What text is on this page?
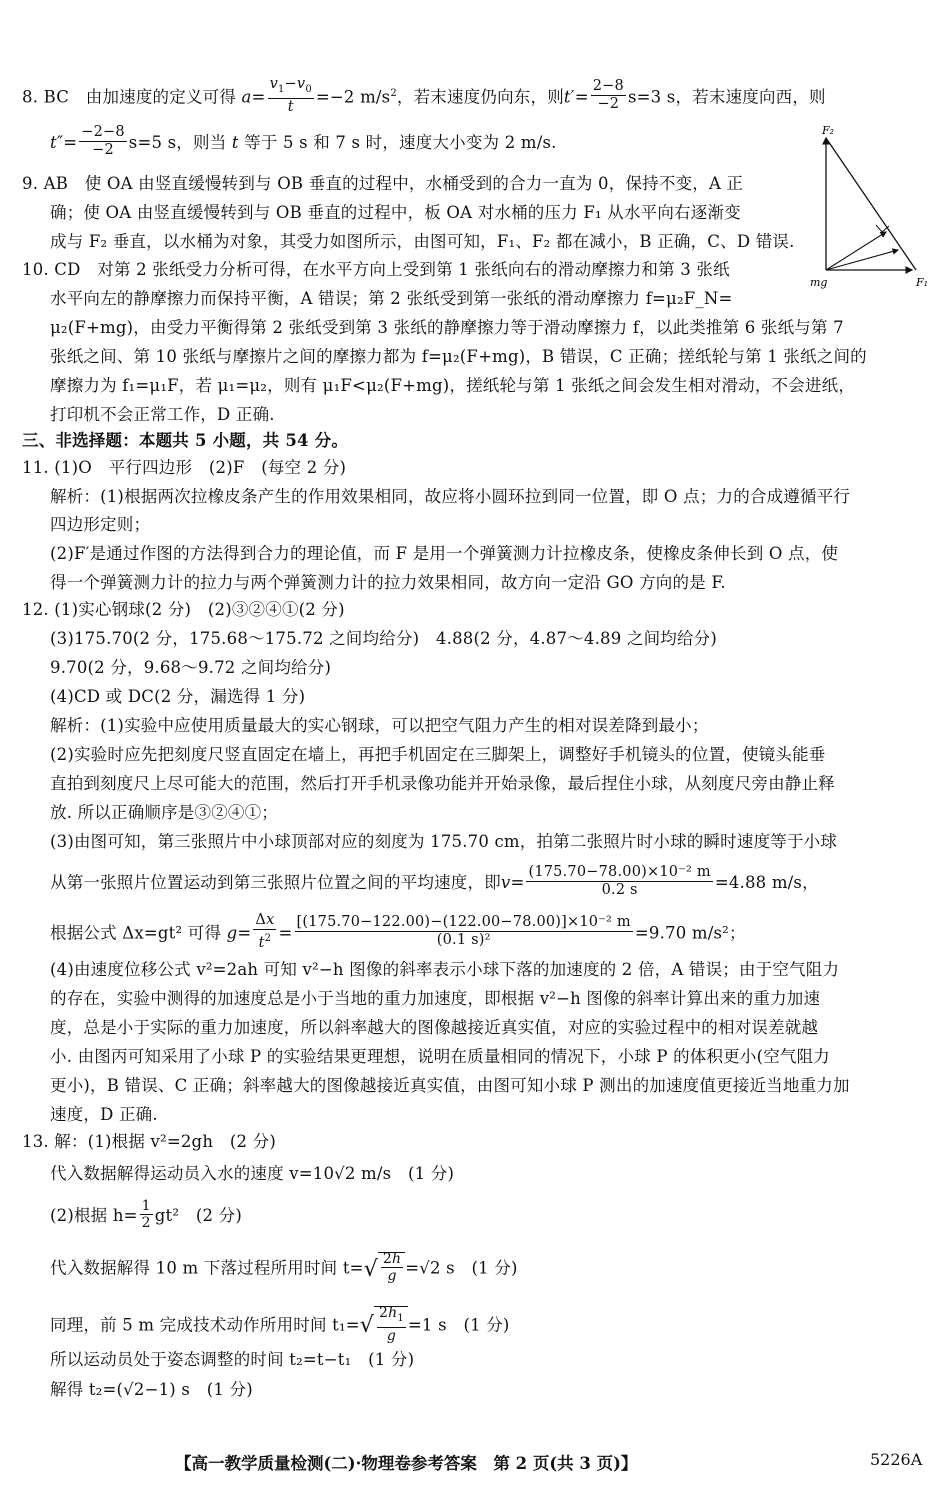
8. BC　由加速度的定义可得 $a= \frac{v_1-v_0}{t} =-2$ $m/s^2$，若末速度仍向东，则$t'= \frac{2-8}{-2} s=3$ s，若末速度向西，则
$t''= \frac{-2-8}{-2} s=5$ s，则当 t 等于 5 s 和 7 s 时，速度大小变为 2 m/s.
9. AB　使 OA 由竖直缓慢转到与 OB 垂直的过程中，水桶受到的合力一直为 0，保持不变，A 正
确；使 OA 由竖直缓慢转到与 OB 垂直的过程中，板 OA 对水桶的压力 F₁ 从水平向右逐渐变
成与 F₂ 垂直，以水桶为对象，其受力如图所示，由图可知，F₁、F₂ 都在减小，B 正确，C、D 错误.
F₂
mg	F₁
10. CD　对第 2 张纸受力分析可得，在水平方向上受到第 1 张纸向右的滑动摩擦力和第 3 张纸
水平向左的静摩擦力而保持平衡，A 错误；第 2 张纸受到第一张纸的滑动摩擦力 f=μ₂F_N=
μ₂(F+mg)，由受力平衡得第 2 张纸受到第 3 张纸的静摩擦力等于滑动摩擦力 f，以此类推第 6 张纸与第 7
张纸之间、第 10 张纸与摩擦片之间的摩擦力都为 f=μ₂(F+mg)，B 错误，C 正确；搓纸轮与第 1 张纸之间的
摩擦力为 f₁=μ₁F，若 μ₁=μ₂，则有 μ₁F<μ₂(F+mg)，搓纸轮与第 1 张纸之间会发生相对滑动，不会进纸，
打印机不会正常工作，D 正确.
三、非选择题：本题共 5 小题，共 54 分。
11. (1)O　平行四边形　(2)F　(每空 2 分)
解析：(1)根据两次拉橡皮条产生的作用效果相同，故应将小圆环拉到同一位置，即 O 点；力的合成遵循平行
四边形定则；
(2)F′是通过作图的方法得到合力的理论值，而 F 是用一个弹簧测力计拉橡皮条，使橡皮条伸长到 O 点，使
得一个弹簧测力计的拉力与两个弹簧测力计的拉力效果相同，故方向一定沿 GO 方向的是 F.
12. (1)实心钢球(2 分)　(2)③②④①(2 分)
(3)175.70(2 分，175.68～175.72 之间均给分)　4.88(2 分，4.87～4.89 之间均给分)
9.70(2 分，9.68～9.72 之间均给分)
(4)CD 或 DC(2 分，漏选得 1 分)
解析：(1)实验中应使用质量最大的实心钢球，可以把空气阻力产生的相对误差降到最小；
(2)实验时应先把刻度尺竖直固定在墙上，再把手机固定在三脚架上，调整好手机镜头的位置，使镜头能垂
直拍到刻度尺上尽可能大的范围，然后打开手机录像功能并开始录像，最后捏住小球，从刻度尺旁由静止释
放. 所以正确顺序是③②④①；
(3)由图可知，第三张照片中小球顶部对应的刻度为 175.70 cm，拍第二张照片时小球的瞬时速度等于小球
从第一张照片位置运动到第三张照片位置之间的平均速度，即$v= \frac{\text{(175.70−78.00)×10⁻² m}}{0.2 s} =4.88$ m/s，
根据公式 Δx=gt² 可得 $g= \frac{\Delta x}{t^2} = \frac{\text{[(175.70−122.00)−(122.00−78.00)]×10⁻² m}}{\text{(0.1 s)²}} =9.70$ m/s²；
(4)由速度位移公式 v²=2ah 可知 v²−h 图像的斜率表示小球下落的加速度的 2 倍，A 错误；由于空气阻力
的存在，实验中测得的加速度总是小于当地的重力加速度，即根据 v²−h 图像的斜率计算出来的重力加速
度，总是小于实际的重力加速度，所以斜率越大的图像越接近真实值，对应的实验过程中的相对误差就越
小. 由图丙可知采用了小球 P 的实验结果更理想，说明在质量相同的情况下，小球 P 的体积更小(空气阻力
更小)，B 错误、C 正确；斜率越大的图像越接近真实值，由图可知小球 P 测出的加速度值更接近当地重力加
速度，D 正确.
13. 解：(1)根据 v²=2gh　(2 分)
代入数据解得运动员入水的速度 v=10√2 m/s　(1 分)
(2)根据 $h= \frac{1}{2} gt^2$　(2 分)
代入数据解得 10 m 下落过程所用时间 $t=√ \frac{2h}{g} =√2$ s　(1 分)
同理，前 5 m 完成技术动作所用时间 $t_1=√ \frac{2h_1}{g} =1$ s　(1 分)
所以运动员处于姿态调整的时间 t₂=t−t₁　(1 分)
解得 t₂=(√2−1) s　(1 分)
【高一教学质量检测(二)·物理卷参考答案　第 2 页(共 3 页)】	5226A
